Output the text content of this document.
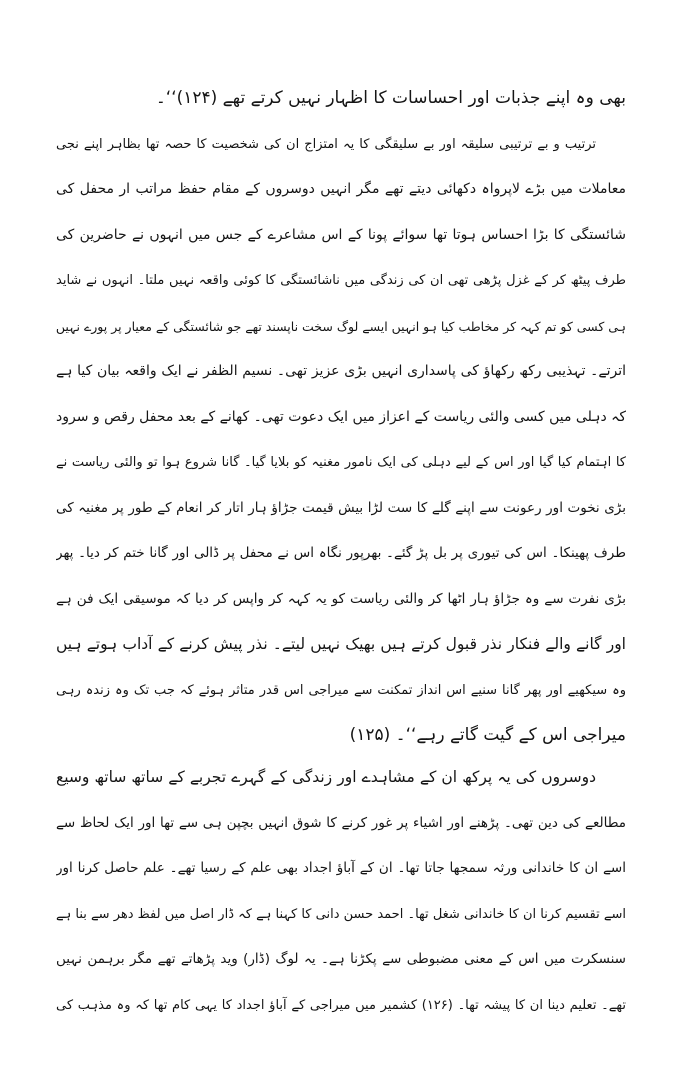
بھی وہ اپنے جذبات اور احساسات کا اظہار نہیں کرتے تھے (۱۲۴)‘‘۔
ترتیب و بے ترتیبی سلیقہ اور بے سلیقگی کا یہ امتزاج ان کی شخصیت کا حصہ تھا بظاہر اپنے نجی
معاملات میں بڑے لاپرواہ دکھائی دیتے تھے مگر انہیں دوسروں کے مقام حفظ مراتب ار محفل کی
شائستگی کا بڑا احساس ہوتا تھا سوائے پونا کے اس مشاعرے کے جس میں انہوں نے حاضرین کی
طرف پیٹھ کر کے غزل پڑھی تھی ان کی زندگی میں ناشائستگی کا کوئی واقعہ نہیں ملتا۔ انہوں نے شاید
ہی کسی کو تم کہہ کر مخاطب کیا ہو انہیں ایسے لوگ سخت ناپسند تھے جو شائستگی کے معیار پر پورے نہیں
اترتے۔ تہذیبی رکھ رکھاؤ کی پاسداری انہیں بڑی عزیز تھی۔ نسیم الظفر نے ایک واقعہ بیان کیا ہے
کہ دہلی میں کسی والئی ریاست کے اعزاز میں ایک دعوت تھی۔ کھانے کے بعد محفل رقص و سرود
کا اہتمام کیا گیا اور اس کے لیے دہلی کی ایک نامور مغنیہ کو بلایا گیا۔ گانا شروع ہوا تو والئی ریاست نے
بڑی نخوت اور رعونت سے اپنے گلے کا ست لڑا بیش قیمت جڑاؤ ہار اتار کر انعام کے طور پر مغنیہ کی
طرف پھینکا۔ اس کی تیوری پر بل پڑ گئے۔ بھرپور نگاہ اس نے محفل پر ڈالی اور گانا ختم کر دیا۔ پھر
بڑی نفرت سے وہ جڑاؤ ہار اٹھا کر والئی ریاست کو یہ کہہ کر واپس کر دیا کہ موسیقی ایک فن ہے
اور گانے والے فنکار نذر قبول کرتے ہیں بھیک نہیں لیتے۔ نذر پیش کرنے کے آداب ہوتے ہیں
وہ سیکھیے اور پھر گانا سنیے اس انداز تمکنت سے میراجی اس قدر متاثر ہوئے کہ جب تک وہ زندہ رہی
میراجی اس کے گیت گاتے رہے‘‘۔ (۱۲۵)
دوسروں کی یہ پرکھ ان کے مشاہدے اور زندگی کے گہرے تجربے کے ساتھ ساتھ وسیع
مطالعے کی دین تھی۔ پڑھنے اور اشیاء پر غور کرنے کا شوق انہیں بچپن ہی سے تھا اور ایک لحاظ سے
اسے ان کا خاندانی ورثہ سمجھا جاتا تھا۔ ان کے آباؤ اجداد بھی علم کے رسیا تھے۔ علم حاصل کرنا اور
اسے تقسیم کرنا ان کا خاندانی شغل تھا۔ احمد حسن دانی کا کہنا ہے کہ ڈار اصل میں لفظ دھر سے بنا ہے
سنسکرت میں اس کے معنی مضبوطی سے پکڑنا ہے۔ یہ لوگ (ڈار) وید پڑھاتے تھے مگر برہمن نہیں
تھے۔ تعلیم دینا ان کا پیشہ تھا۔ (۱۲۶) کشمیر میں میراجی کے آباؤ اجداد کا یہی کام تھا کہ وہ مذہب کی
